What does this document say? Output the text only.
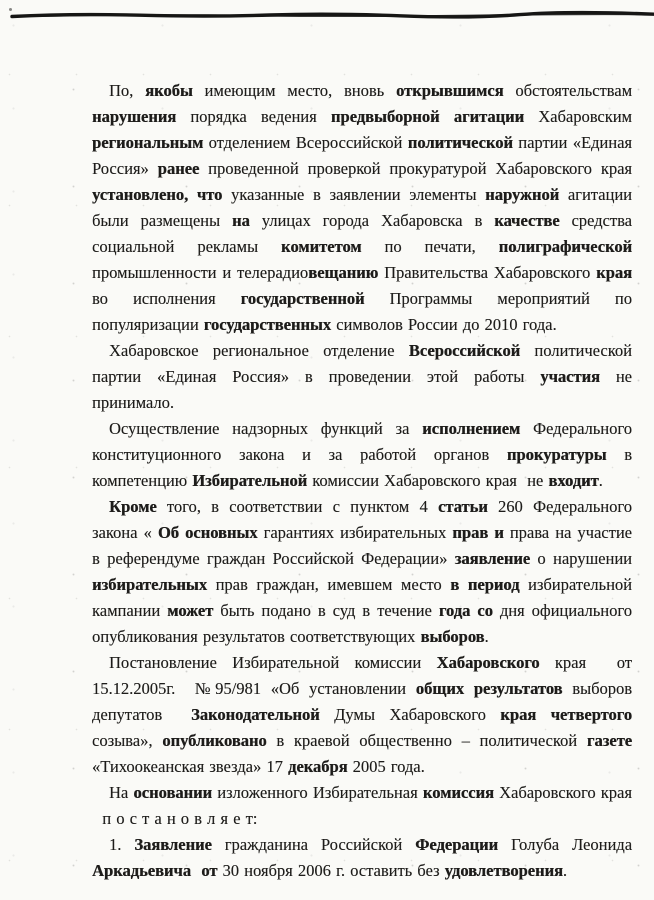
По, якобы имеющим место, вновь открывшимся обстоятельствам нарушения порядка ведения предвыборной агитации Хабаровским региональным отделением Всероссийской политической партии «Единая Россия» ранее проведенной проверкой прокуратурой Хабаровского края установлено, что указанные в заявлении элементы наружной агитации были размещены на улицах города Хабаровска в качестве средства социальной рекламы комитетом по печати, полиграфической промышленности и телерадиовещанию Правительства Хабаровского края во исполнения государственной Программы мероприятий по популяризации государственных символов России до 2010 года.

Хабаровское региональное отделение Всероссийской политической партии «Единая Россия» в проведении этой работы участия не принимало.

Осуществление надзорных функций за исполнением Федерального конституционного закона и за работой органов прокуратуры в компетенцию Избирательной комиссии Хабаровского края  не входит.

Кроме того, в соответствии с пунктом 4 статьи 260 Федерального закона « Об основных гарантиях избирательных прав и права на участие в референдуме граждан Российской Федерации» заявление о нарушении избирательных прав граждан, имевшем место в период избирательной кампании может быть подано в суд в течение года со дня официального опубликования результатов соответствующих выборов.

Постановление Избирательной комиссии Хабаровского края  от 15.12.2005г.  №95/981 «Об установлении общих результатов выборов депутатов  Законодательной Думы Хабаровского края четвертого созыва», опубликовано в краевой общественно – политической газете «Тихоокеанская звезда» 17 декабря 2005 года.

На основании изложенного Избирательная комиссия Хабаровского края   п о с т а н о в л я е т:

1. Заявление гражданина Российской Федерации Голуба Леонида Аркадьевича  от 30 ноября 2006 г. оставить без удовлетворения.
